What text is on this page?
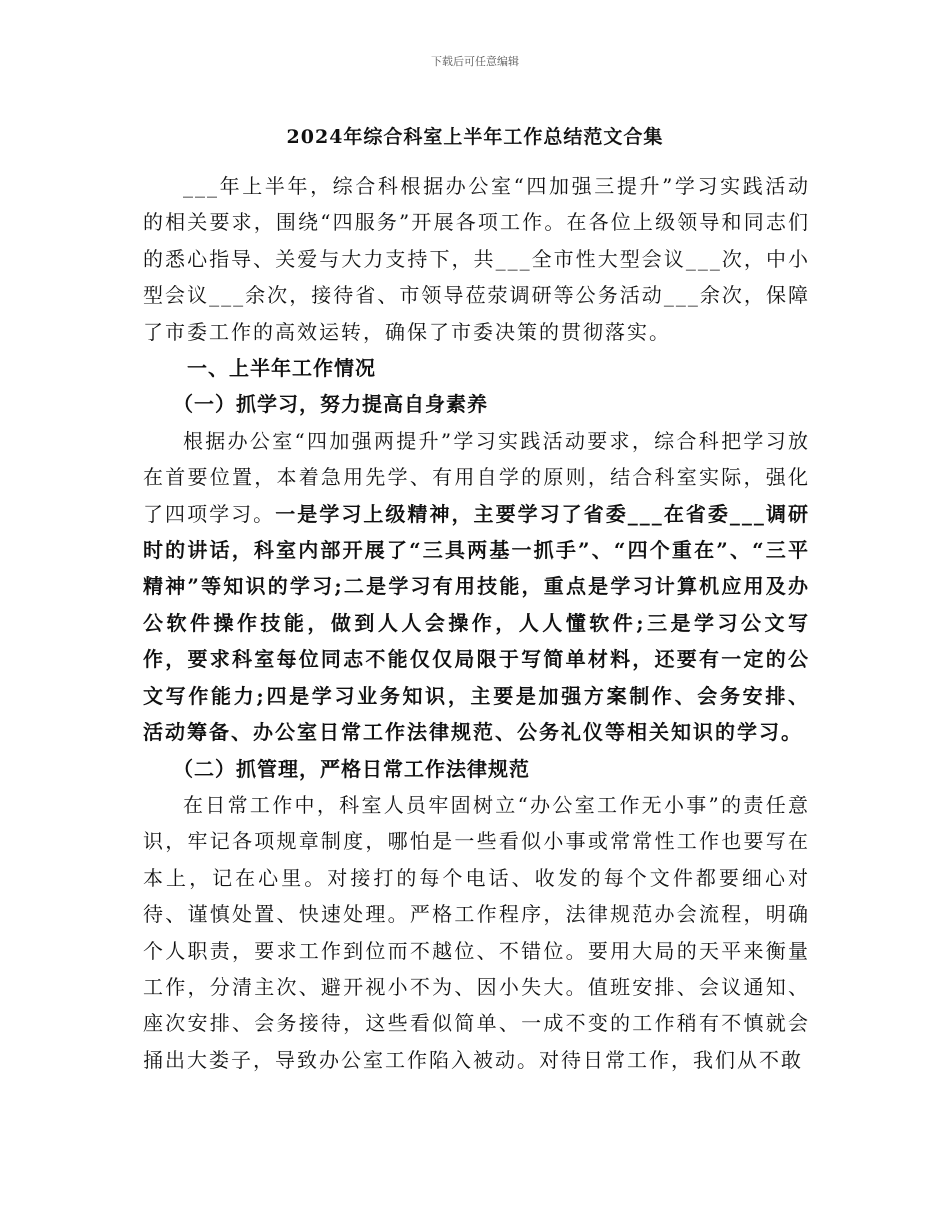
下载后可任意编辑
2024年综合科室上半年工作总结范文合集

___年上半年，综合科根据办公室“四加强三提升”学习实践活动的相关要求，围绕“四服务”开展各项工作。在各位上级领导和同志们的悉心指导、关爱与大力支持下，共___全市性大型会议___次，中小型会议___余次，接待省、市领导莅荥调研等公务活动___余次，保障了市委工作的高效运转，确保了市委决策的贯彻落实。

一、上半年工作情况

（一）抓学习，努力提高自身素养

根据办公室“四加强两提升”学习实践活动要求，综合科把学习放在首要位置，本着急用先学、有用自学的原则，结合科室实际，强化了四项学习。一是学习上级精神，主要学习了省委___在省委___调研时的讲话，科室内部开展了“三具两基一抓手”、“四个重在”、“三平精神”等知识的学习;二是学习有用技能，重点是学习计算机应用及办公软件操作技能，做到人人会操作，人人懂软件;三是学习公文写作，要求科室每位同志不能仅仅局限于写简单材料，还要有一定的公文写作能力;四是学习业务知识，主要是加强方案制作、会务安排、活动筹备、办公室日常工作法律规范、公务礼仪等相关知识的学习。

（二）抓管理，严格日常工作法律规范

在日常工作中，科室人员牢固树立“办公室工作无小事”的责任意识，牢记各项规章制度，哪怕是一些看似小事或常常性工作也要写在本上，记在心里。对接打的每个电话、收发的每个文件都要细心对待、谨慎处置、快速处理。严格工作程序，法律规范办会流程，明确个人职责，要求工作到位而不越位、不错位。要用大局的天平来衡量工作，分清主次、避开视小不为、因小失大。值班安排、会议通知、座次安排、会务接待，这些看似简单、一成不变的工作稍有不慎就会捅出大娄子，导致办公室工作陷入被动。对待日常工作，我们从不敢
